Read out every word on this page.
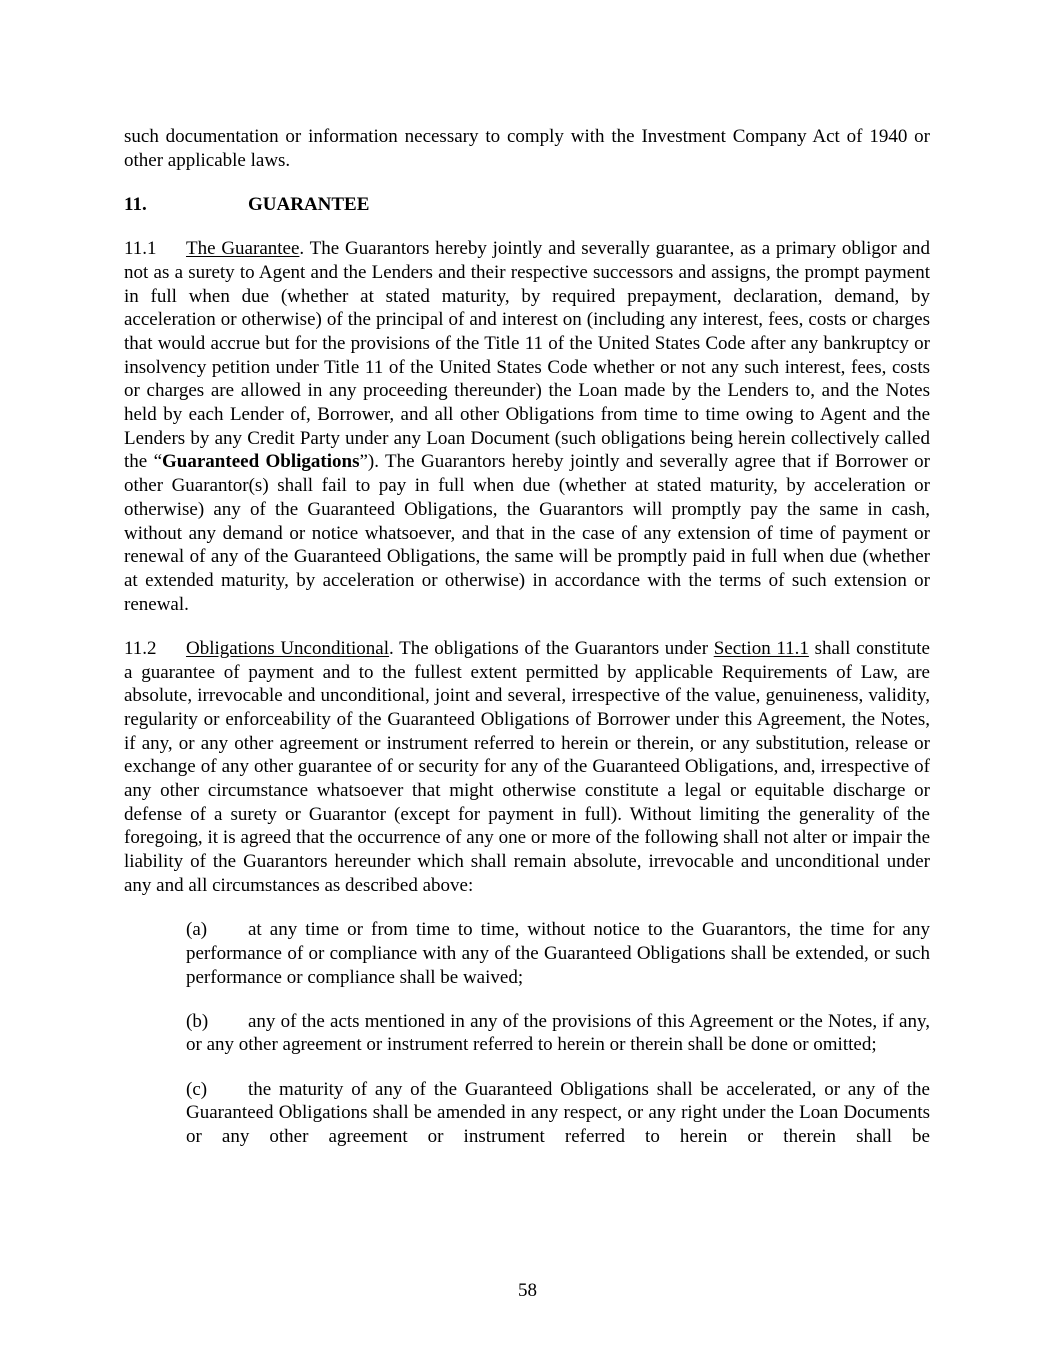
such documentation or information necessary to comply with the Investment Company Act of 1940 or other applicable laws.

11.	GUARANTEE

11.1 The Guarantee. The Guarantors hereby jointly and severally guarantee, as a primary obligor and not as a surety to Agent and the Lenders and their respective successors and assigns, the prompt payment in full when due (whether at stated maturity, by required prepayment, declaration, demand, by acceleration or otherwise) of the principal of and interest on (including any interest, fees, costs or charges that would accrue but for the provisions of the Title 11 of the United States Code after any bankruptcy or insolvency petition under Title 11 of the United States Code whether or not any such interest, fees, costs or charges are allowed in any proceeding thereunder) the Loan made by the Lenders to, and the Notes held by each Lender of, Borrower, and all other Obligations from time to time owing to Agent and the Lenders by any Credit Party under any Loan Document (such obligations being herein collectively called the “Guaranteed Obligations”). The Guarantors hereby jointly and severally agree that if Borrower or other Guarantor(s) shall fail to pay in full when due (whether at stated maturity, by acceleration or otherwise) any of the Guaranteed Obligations, the Guarantors will promptly pay the same in cash, without any demand or notice whatsoever, and that in the case of any extension of time of payment or renewal of any of the Guaranteed Obligations, the same will be promptly paid in full when due (whether at extended maturity, by acceleration or otherwise) in accordance with the terms of such extension or renewal.

11.2 Obligations Unconditional. The obligations of the Guarantors under Section 11.1 shall constitute a guarantee of payment and to the fullest extent permitted by applicable Requirements of Law, are absolute, irrevocable and unconditional, joint and several, irrespective of the value, genuineness, validity, regularity or enforceability of the Guaranteed Obligations of Borrower under this Agreement, the Notes, if any, or any other agreement or instrument referred to herein or therein, or any substitution, release or exchange of any other guarantee of or security for any of the Guaranteed Obligations, and, irrespective of any other circumstance whatsoever that might otherwise constitute a legal or equitable discharge or defense of a surety or Guarantor (except for payment in full). Without limiting the generality of the foregoing, it is agreed that the occurrence of any one or more of the following shall not alter or impair the liability of the Guarantors hereunder which shall remain absolute, irrevocable and unconditional under any and all circumstances as described above:

(a) at any time or from time to time, without notice to the Guarantors, the time for any performance of or compliance with any of the Guaranteed Obligations shall be extended, or such performance or compliance shall be waived;

(b) any of the acts mentioned in any of the provisions of this Agreement or the Notes, if any, or any other agreement or instrument referred to herein or therein shall be done or omitted;

(c) the maturity of any of the Guaranteed Obligations shall be accelerated, or any of the Guaranteed Obligations shall be amended in any respect, or any right under the Loan Documents or any other agreement or instrument referred to herein or therein shall be

58
